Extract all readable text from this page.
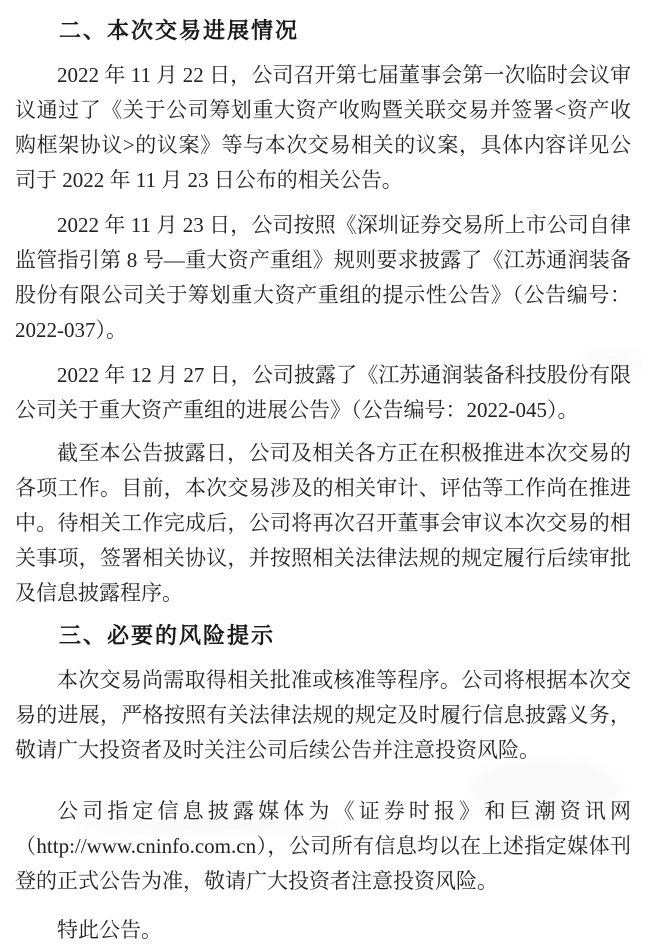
二、本次交易进展情况
2022 年 11 月 22 日，公司召开第七届董事会第一次临时会议审议通过了《关于公司筹划重大资产收购暨关联交易并签署<资产收购框架协议>的议案》等与本次交易相关的议案，具体内容详见公司于 2022 年 11 月 23 日公布的相关公告。
2022 年 11 月 23 日，公司按照《深圳证券交易所上市公司自律监管指引第 8 号—重大资产重组》规则要求披露了《江苏通润装备股份有限公司关于筹划重大资产重组的提示性公告》（公告编号：2022-037）。
2022 年 12 月 27 日，公司披露了《江苏通润装备科技股份有限公司关于重大资产重组的进展公告》（公告编号：2022-045）。
截至本公告披露日，公司及相关各方正在积极推进本次交易的各项工作。目前，本次交易涉及的相关审计、评估等工作尚在推进中。待相关工作完成后，公司将再次召开董事会审议本次交易的相关事项，签署相关协议，并按照相关法律法规的规定履行后续审批及信息披露程序。
三、必要的风险提示
本次交易尚需取得相关批准或核准等程序。公司将根据本次交易的进展，严格按照有关法律法规的规定及时履行信息披露义务，敬请广大投资者及时关注公司后续公告并注意投资风险。
公司指定信息披露媒体为《证券时报》和巨潮资讯网（http://www.cninfo.com.cn），公司所有信息均以在上述指定媒体刊登的正式公告为准，敬请广大投资者注意投资风险。
特此公告。
